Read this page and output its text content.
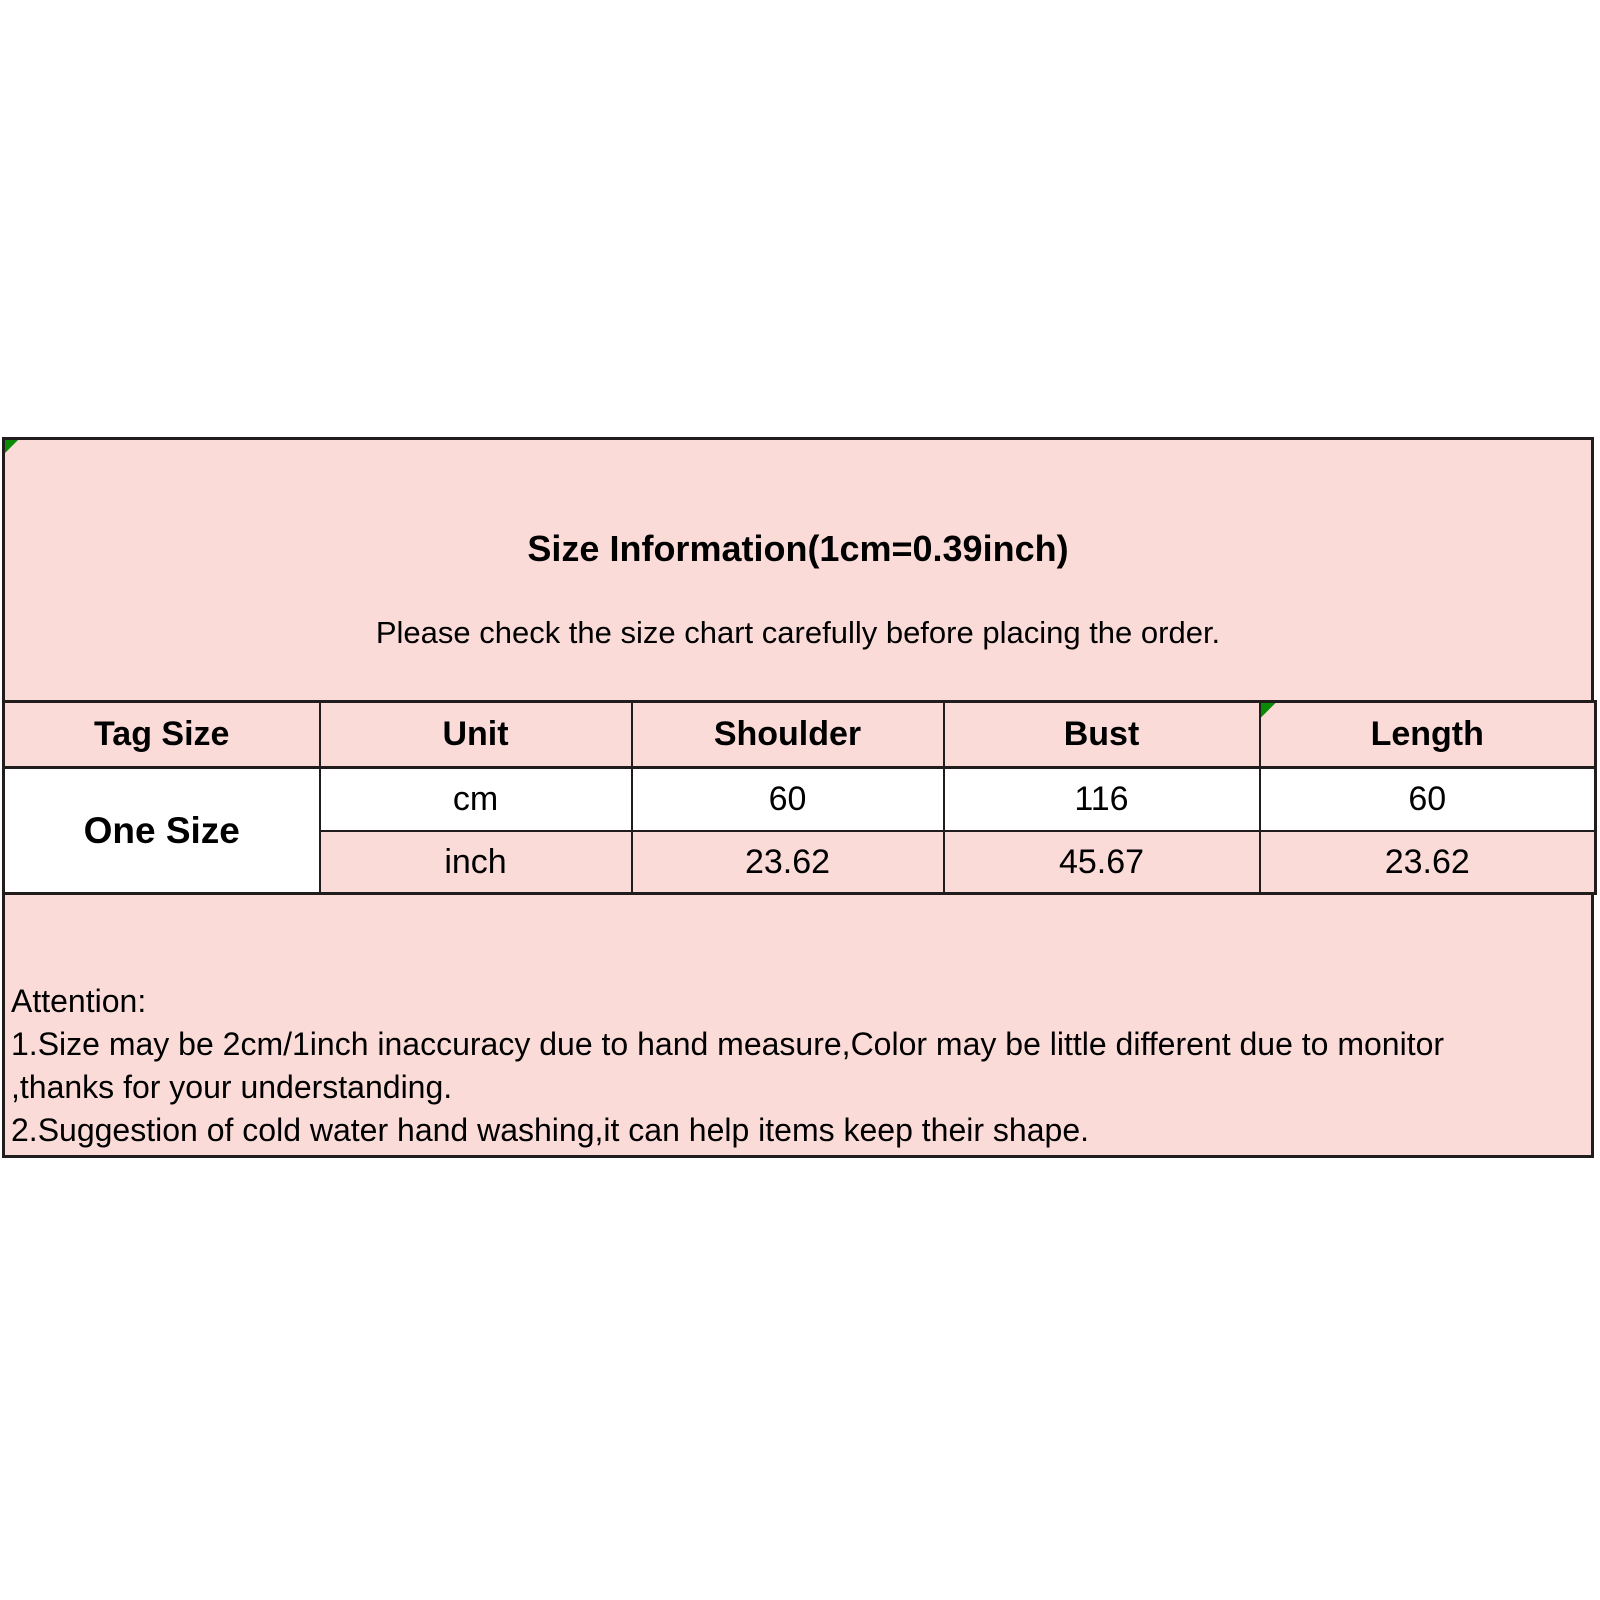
Size Information(1cm=0.39inch)

Please check the size chart carefully before placing the order.

Tag Size	Unit	Shoulder	Bust	Length
One Size	cm	60	116	60
	inch	23.62	45.67	23.62

Attention:

1.Size may be 2cm/1inch inaccuracy due to hand measure,Color may be little different due to monitor

,thanks for your understanding.

2.Suggestion of cold water hand washing,it can help items keep their shape.
